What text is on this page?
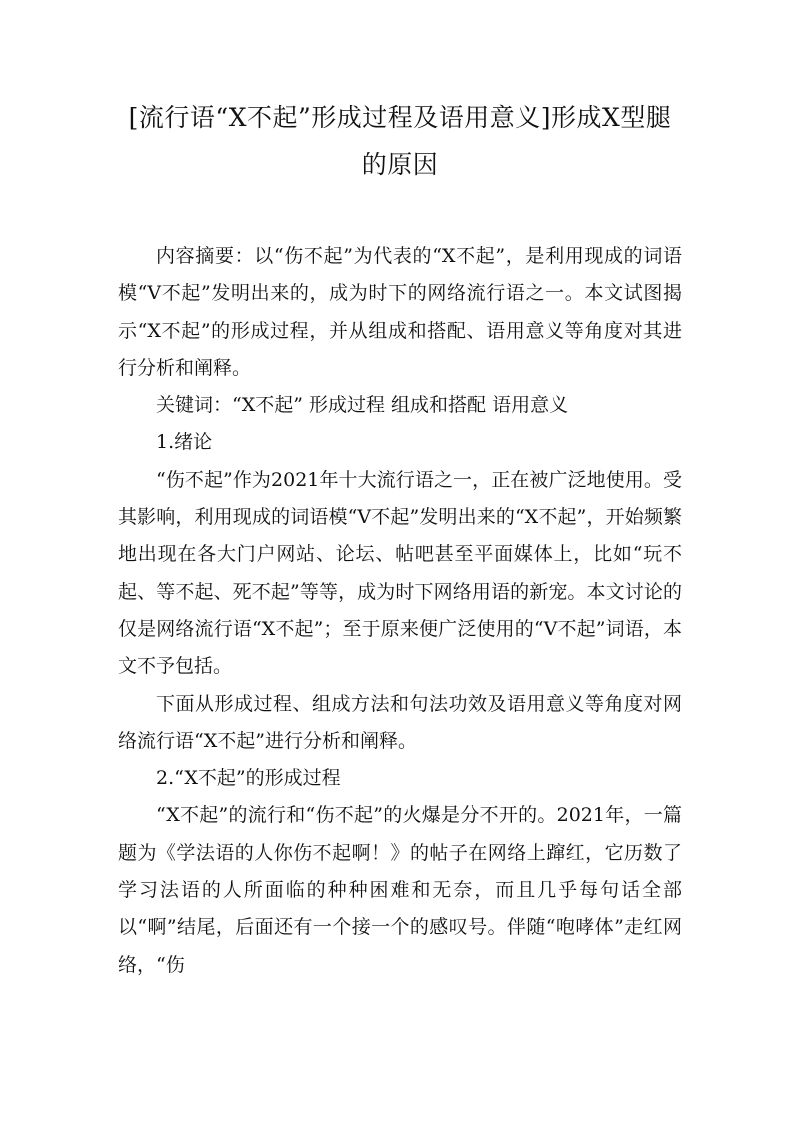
[流行语“X不起”形成过程及语用意义]形成X型腿的原因

内容摘要：以“伤不起”为代表的“X不起”，是利用现成的词语模“V不起”发明出来的，成为时下的网络流行语之一。本文试图揭示“X不起”的形成过程，并从组成和搭配、语用意义等角度对其进行分析和阐释。

关键词：“X不起” 形成过程 组成和搭配 语用意义

1.绪论

“伤不起”作为2021年十大流行语之一，正在被广泛地使用。受其影响，利用现成的词语模“V不起”发明出来的“X不起”，开始频繁地出现在各大门户网站、论坛、帖吧甚至平面媒体上，比如“玩不起、等不起、死不起”等等，成为时下网络用语的新宠。本文讨论的仅是网络流行语“X不起”；至于原来便广泛使用的“V不起”词语，本文不予包括。

下面从形成过程、组成方法和句法功效及语用意义等角度对网络流行语“X不起”进行分析和阐释。

2.“X不起”的形成过程

“X不起”的流行和“伤不起”的火爆是分不开的。2021年，一篇题为《学法语的人你伤不起啊！》的帖子在网络上蹿红，它历数了学习法语的人所面临的种种困难和无奈，而且几乎每句话全部以“啊”结尾，后面还有一个接一个的感叹号。伴随“咆哮体”走红网络，“伤
